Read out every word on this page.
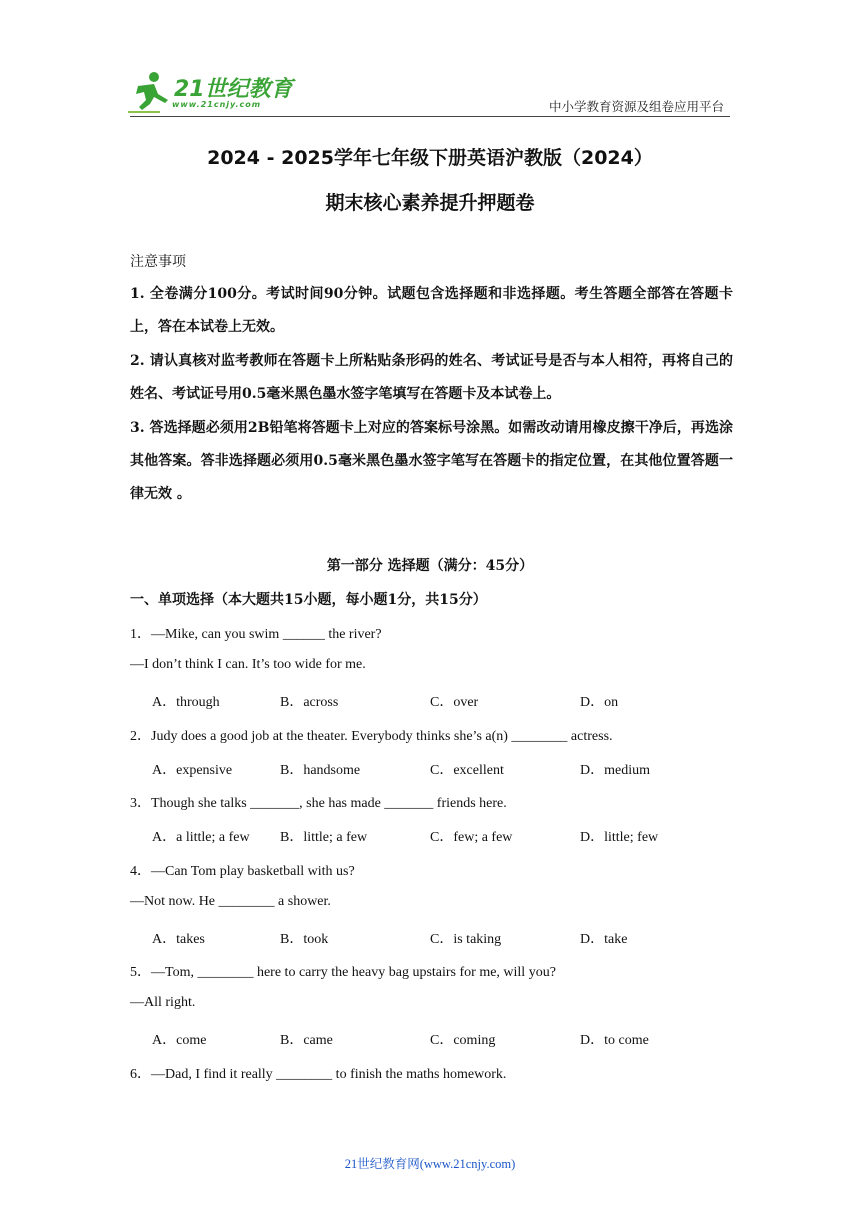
21世纪教育
www.21cnjy.com	中小学教育资源及组卷应用平台
2024 - 2025学年七年级下册英语沪教版（2024）
期末核心素养提升押题卷
注意事项
1. 全卷满分100分。考试时间90分钟。试题包含选择题和非选择题。考生答题全部答在答题卡上，答在本试卷上无效。
2. 请认真核对监考教师在答题卡上所粘贴条形码的姓名、考试证号是否与本人相符，再将自己的姓名、考试证号用0.5毫米黑色墨水签字笔填写在答题卡及本试卷上。
3. 答选择题必须用2B铅笔将答题卡上对应的答案标号涂黑。如需改动请用橡皮擦干净后，再选涂其他答案。答非选择题必须用0.5毫米黑色墨水签字笔写在答题卡的指定位置，在其他位置答题一律无效 。
第一部分 选择题（满分：45分）
一、单项选择（本大题共15小题，每小题1分，共15分）
1．—Mike, can you swim ______ the river?
—I don’t think I can. It’s too wide for me.
A．through	B．across	C．over	D．on
2．Judy does a good job at the theater. Everybody thinks she’s a(n) ________ actress.
A．expensive	B．handsome	C．excellent	D．medium
3．Though she talks _______, she has made _______ friends here.
A．a little; a few B．little; a few	C．few; a few	D．little; few
4．—Can Tom play basketball with us?
—Not now. He ________ a shower.
A．takes	B．took	C．is taking	D．take
5．—Tom, ________ here to carry the heavy bag upstairs for me, will you?
—All right.
A．come	B．came	C．coming	D．to come
6．—Dad, I find it really ________ to finish the maths homework.
21世纪教育网(www.21cnjy.com)
